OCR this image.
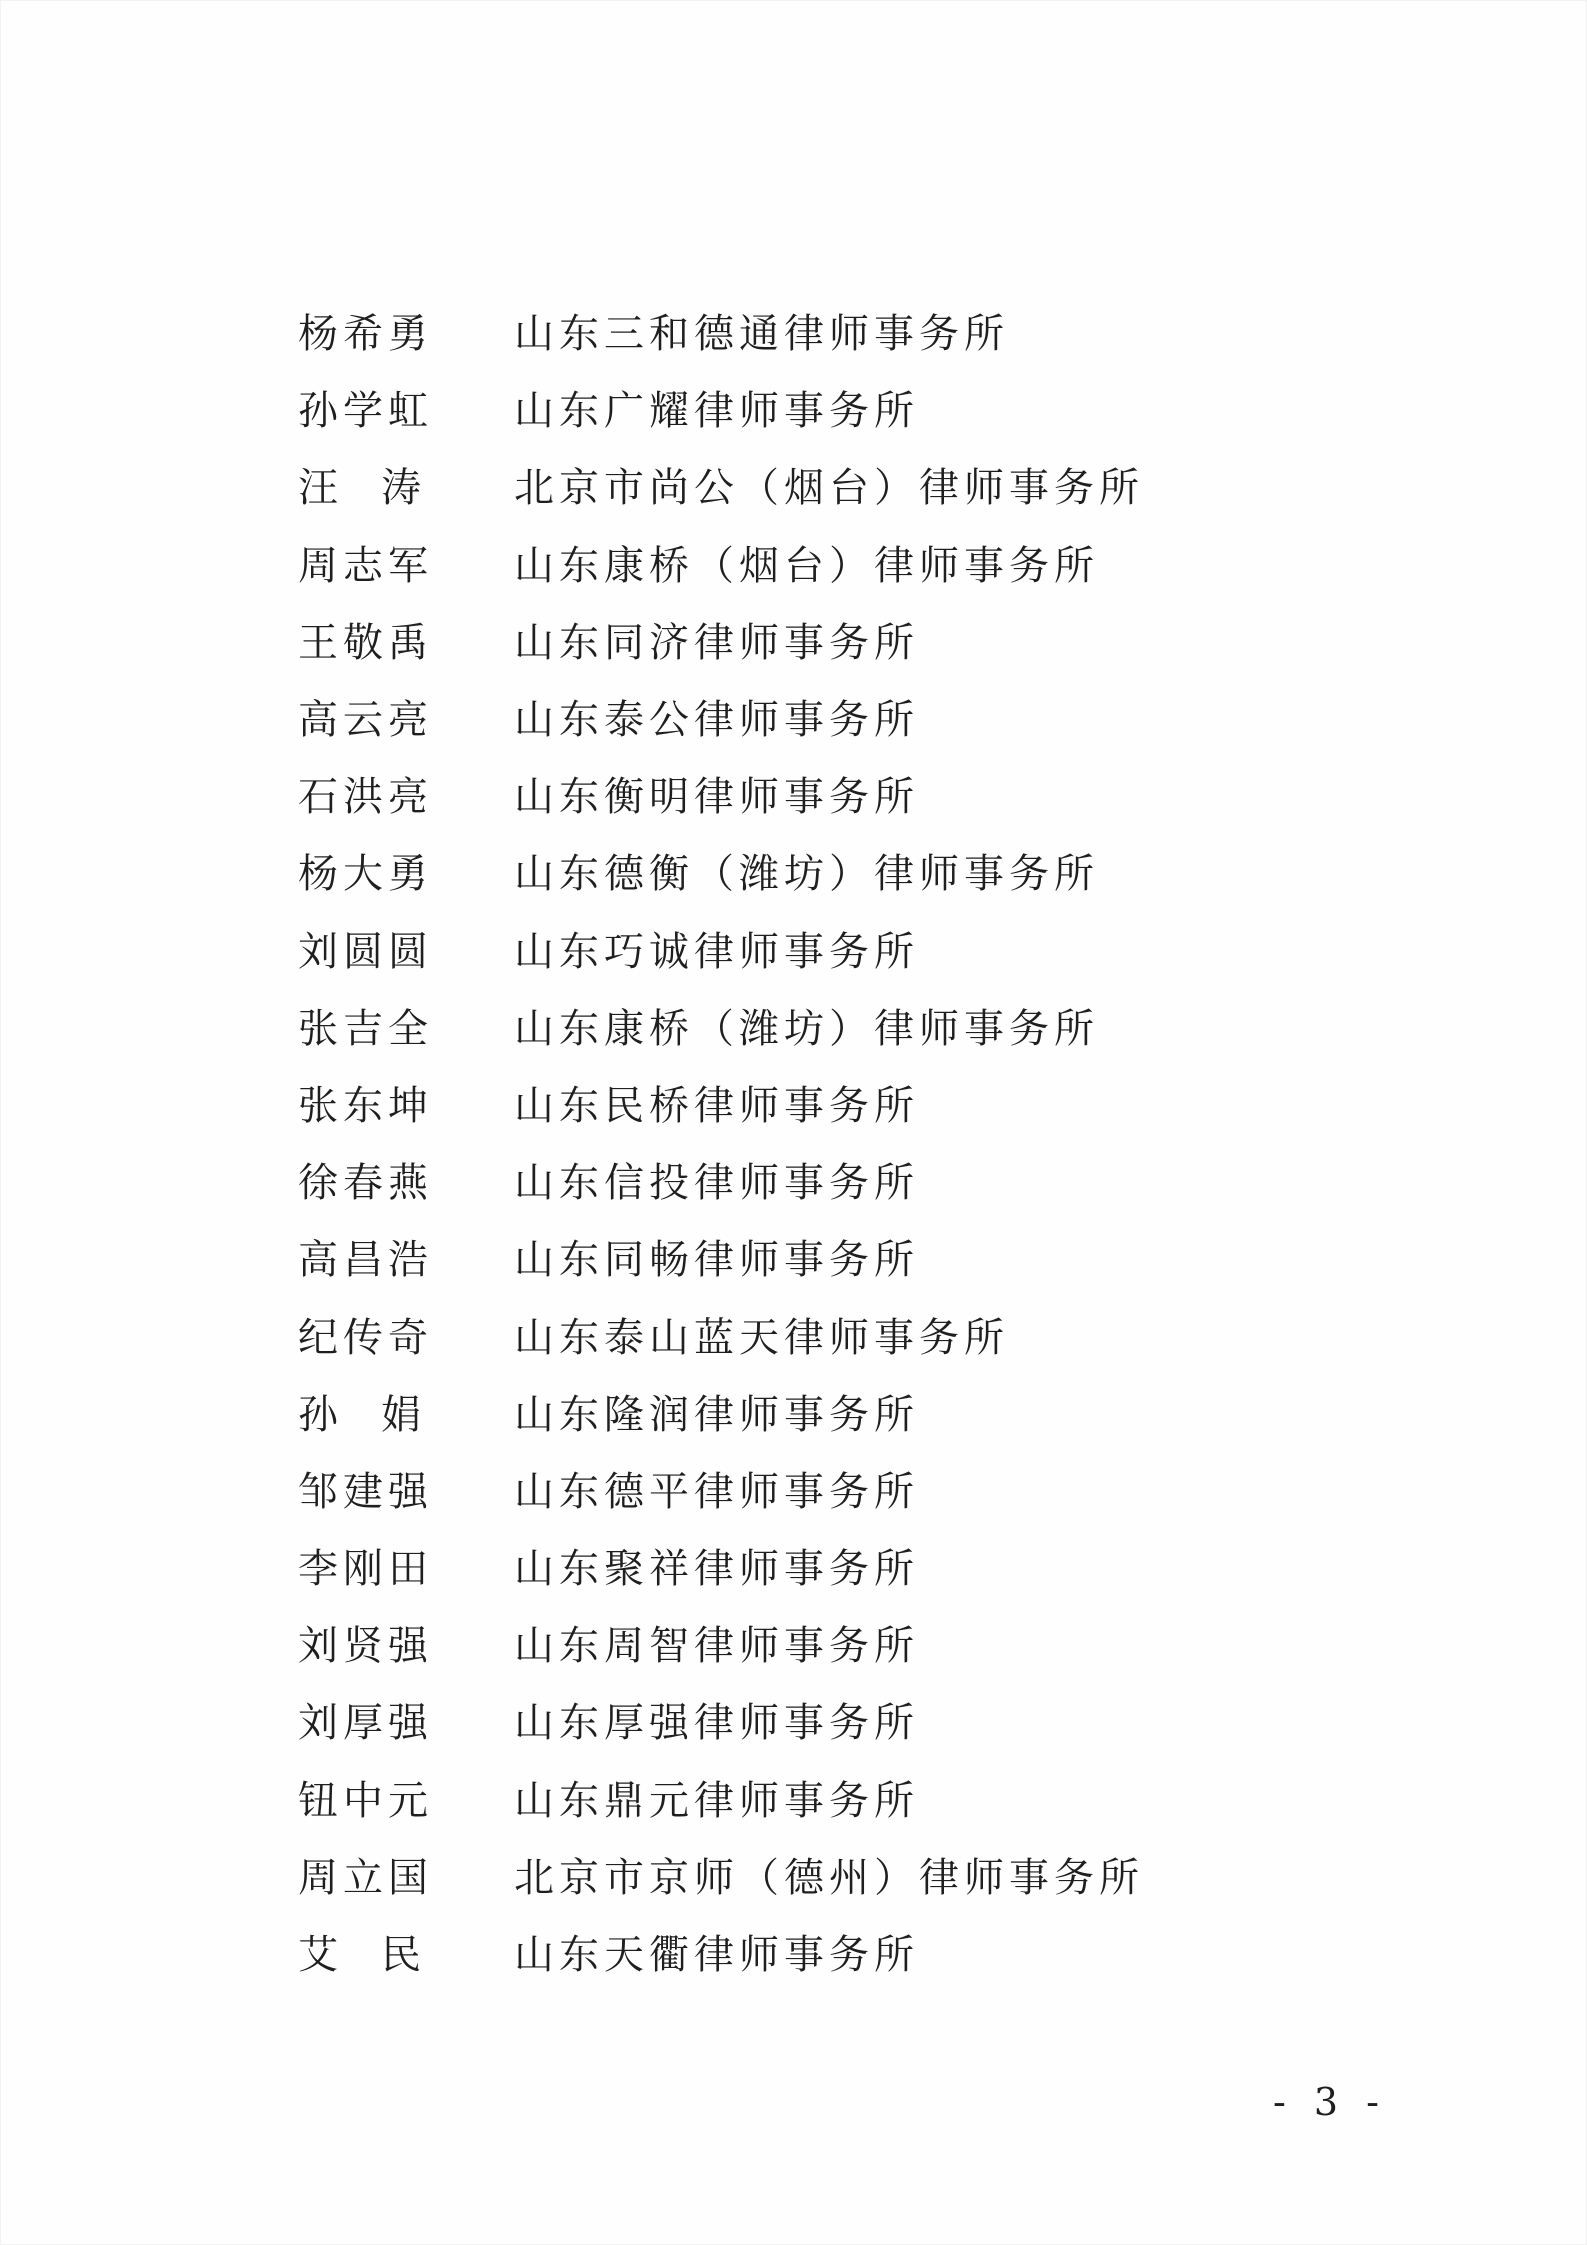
杨希勇 山东三和德通律师事务所
孙学虹 山东广耀律师事务所
汪 涛 北京市尚公（烟台）律师事务所
周志军 山东康桥（烟台）律师事务所
王敬禹 山东同济律师事务所
高云亮 山东泰公律师事务所
石洪亮 山东衡明律师事务所
杨大勇 山东德衡（潍坊）律师事务所
刘圆圆 山东巧诚律师事务所
张吉全 山东康桥（潍坊）律师事务所
张东坤 山东民桥律师事务所
徐春燕 山东信投律师事务所
高昌浩 山东同畅律师事务所
纪传奇 山东泰山蓝天律师事务所
孙 娟 山东隆润律师事务所
邹建强 山东德平律师事务所
李刚田 山东聚祥律师事务所
刘贤强 山东周智律师事务所
刘厚强 山东厚强律师事务所
钮中元 山东鼎元律师事务所
周立国 北京市京师（德州）律师事务所
艾 民 山东天衢律师事务所
- 3 -
